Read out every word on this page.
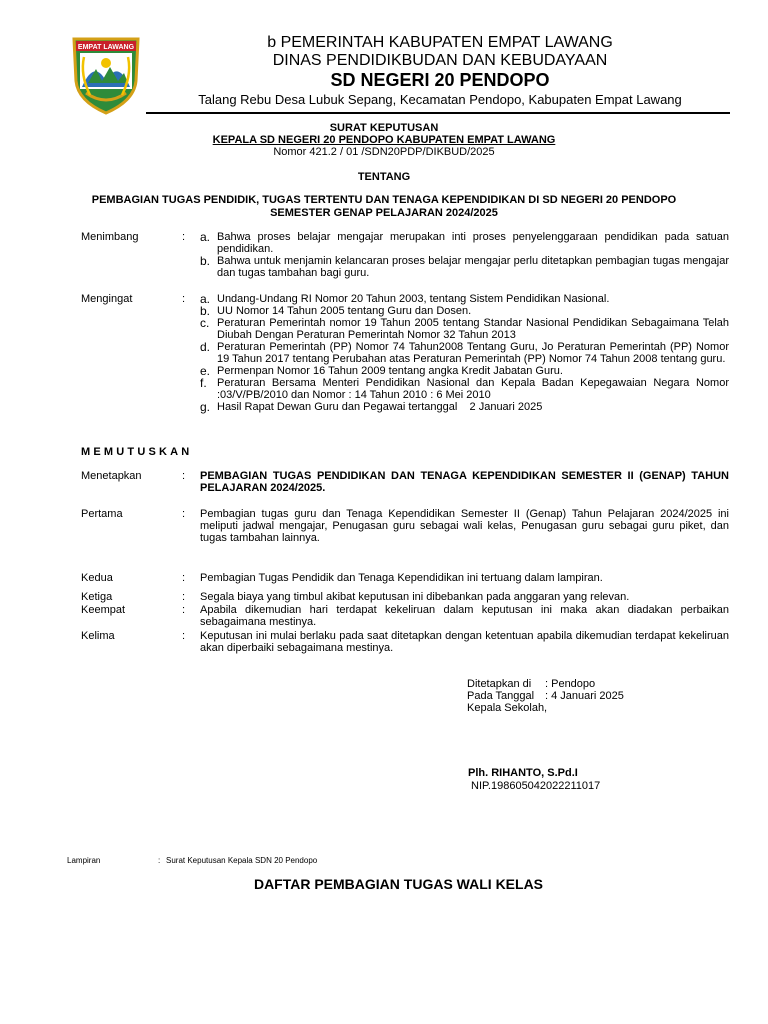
EMPAT LAWANG	b PEMERINTAH KABUPATEN EMPAT LAWANG
DINAS PENDIDIKBUDAN DAN KEBUDAYAAN
SD NEGERI 20 PENDOPO
Talang Rebu Desa Lubuk Sepang, Kecamatan Pendopo, Kabupaten Empat Lawang
SURAT KEPUTUSAN
KEPALA SD NEGERI 20 PENDOPO KABUPATEN EMPAT LAWANG
Nomor 421.2 / 01 /SDN20PDP/DIKBUD/2025
TENTANG
PEMBAGIAN TUGAS PENDIDIK, TUGAS TERTENTU DAN TENAGA KEPENDIDIKAN DI SD NEGERI 20 PENDOPO
SEMESTER GENAP PELAJARAN 2024/2025
Menimbang	: a. Bahwa proses belajar mengajar merupakan inti proses penyelenggaraan pendidikan pada satuan pendidikan.
b. Bahwa untuk menjamin kelancaran proses belajar mengajar perlu ditetapkan pembagian tugas mengajar dan tugas tambahan bagi guru.
Mengingat	: a. Undang-Undang RI Nomor 20 Tahun 2003, tentang Sistem Pendidikan Nasional.
b. UU Nomor 14 Tahun 2005 tentang Guru dan Dosen.
c. Peraturan Pemerintah nomor 19 Tahun 2005 tentang Standar Nasional Pendidikan Sebagaimana Telah Diubah Dengan Peraturan Pemerintah Nomor 32 Tahun 2013
d. Peraturan Pemerintah (PP) Nomor 74 Tahun2008 Tentang Guru, Jo Peraturan Pemerintah (PP) Nomor 19 Tahun 2017 tentang Perubahan atas Peraturan Pemerintah (PP) Nomor 74 Tahun 2008 tentang guru.
e. Permenpan Nomor 16 Tahun 2009 tentang angka Kredit Jabatan Guru.
f. Peraturan Bersama Menteri Pendidikan Nasional dan Kepala Badan Kepegawaian Negara Nomor :03/V/PB/2010 dan Nomor : 14 Tahun 2010 : 6 Mei 2010
g. Hasil Rapat Dewan Guru dan Pegawai tertanggal    2 Januari 2025
MEMUTUSKAN
Menetapkan	: PEMBAGIAN TUGAS PENDIDIKAN DAN TENAGA KEPENDIDIKAN SEMESTER II (GENAP) TAHUN PELAJARAN 2024/2025.
Pertama	: Pembagian tugas guru dan Tenaga Kependidikan Semester II (Genap) Tahun Pelajaran 2024/2025 ini meliputi jadwal mengajar, Penugasan guru sebagai wali kelas, Penugasan guru sebagai guru piket, dan tugas tambahan lainnya.
Kedua	: Pembagian Tugas Pendidik dan Tenaga Kependidikan ini tertuang dalam lampiran.
Ketiga	: Segala biaya yang timbul akibat keputusan ini dibebankan pada anggaran yang relevan.
Keempat	: Apabila dikemudian hari terdapat kekeliruan dalam keputusan ini maka akan diadakan perbaikan sebagaimana mestinya.
Kelima	: Keputusan ini mulai berlaku pada saat ditetapkan dengan ketentuan apabila dikemudian terdapat kekeliruan akan diperbaiki sebagaimana mestinya.
Ditetapkan di : Pendopo
Pada Tanggal : 4 Januari 2025
Kepala Sekolah,
Plh. RIHANTO, S.Pd.I
NIP.198605042022211017
Lampiran	: Surat Keputusan Kepala SDN 20 Pendopo
DAFTAR PEMBAGIAN TUGAS WALI KELAS
